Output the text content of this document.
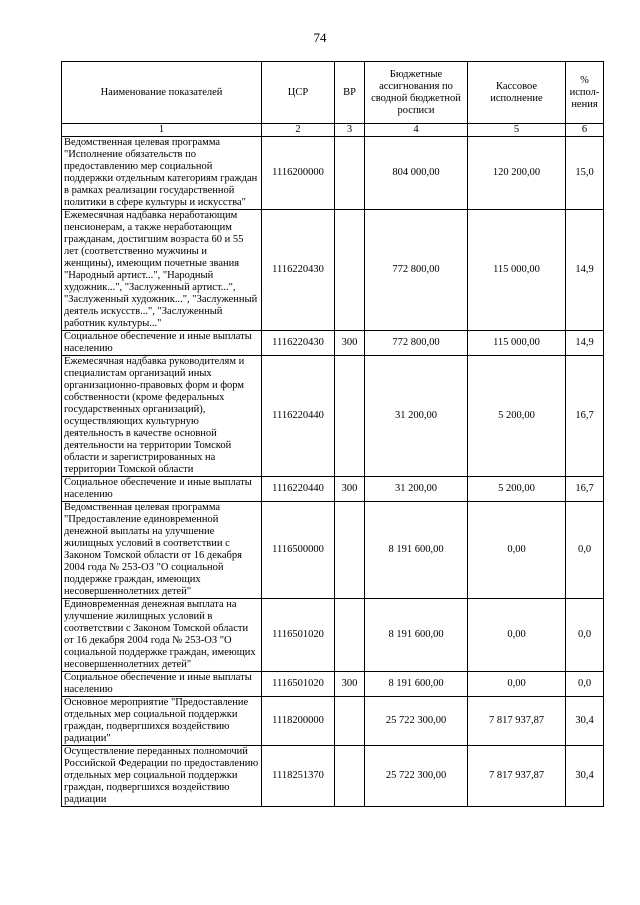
74
Наименование показателей	ЦСР	ВР	Бюджетные ассигнования по сводной бюджетной росписи	Кассовое исполнение	% испол-нения
1	2	3	4	5	6
Ведомственная целевая программа "Исполнение обязательств по предоставлению мер социальной поддержки отдельным категориям граждан в рамках реализации государственной политики в сфере культуры и искусства"	1116200000		804 000,00	120 200,00	15,0
Ежемесячная надбавка неработающим пенсионерам, а также неработающим гражданам, достигшим возраста 60 и 55 лет (соответственно мужчины и женщины), имеющим почетные звания "Народный артист...", "Народный художник...", "Заслуженный артист...", "Заслуженный художник...", "Заслуженный деятель искусств...", "Заслуженный работник культуры..."	1116220430		772 800,00	115 000,00	14,9
Социальное обеспечение и иные выплаты населению	1116220430	300	772 800,00	115 000,00	14,9
Ежемесячная надбавка руководителям и специалистам организаций иных организационно-правовых форм и форм собственности (кроме федеральных государственных организаций), осуществляющих культурную деятельность в качестве основной деятельности на территории Томской области и зарегистрированных на территории Томской области	1116220440		31 200,00	5 200,00	16,7
Социальное обеспечение и иные выплаты населению	1116220440	300	31 200,00	5 200,00	16,7
Ведомственная целевая программа "Предоставление единовременной денежной выплаты на улучшение жилищных условий в соответствии с Законом Томской области от 16 декабря 2004 года № 253-ОЗ "О социальной поддержке граждан, имеющих несовершеннолетних детей"	1116500000		8 191 600,00	0,00	0,0
Единовременная денежная выплата на улучшение жилищных условий в соответствии с Законом Томской области от 16 декабря 2004 года № 253-ОЗ "О социальной поддержке граждан, имеющих несовершеннолетних детей"	1116501020		8 191 600,00	0,00	0,0
Социальное обеспечение и иные выплаты населению	1116501020	300	8 191 600,00	0,00	0,0
Основное мероприятие "Предоставление отдельных мер социальной поддержки граждан, подвергшихся воздействию радиации"	1118200000		25 722 300,00	7 817 937,87	30,4
Осуществление переданных полномочий Российской Федерации по предоставлению отдельных мер социальной поддержки граждан, подвергшихся воздействию радиации	1118251370		25 722 300,00	7 817 937,87	30,4
